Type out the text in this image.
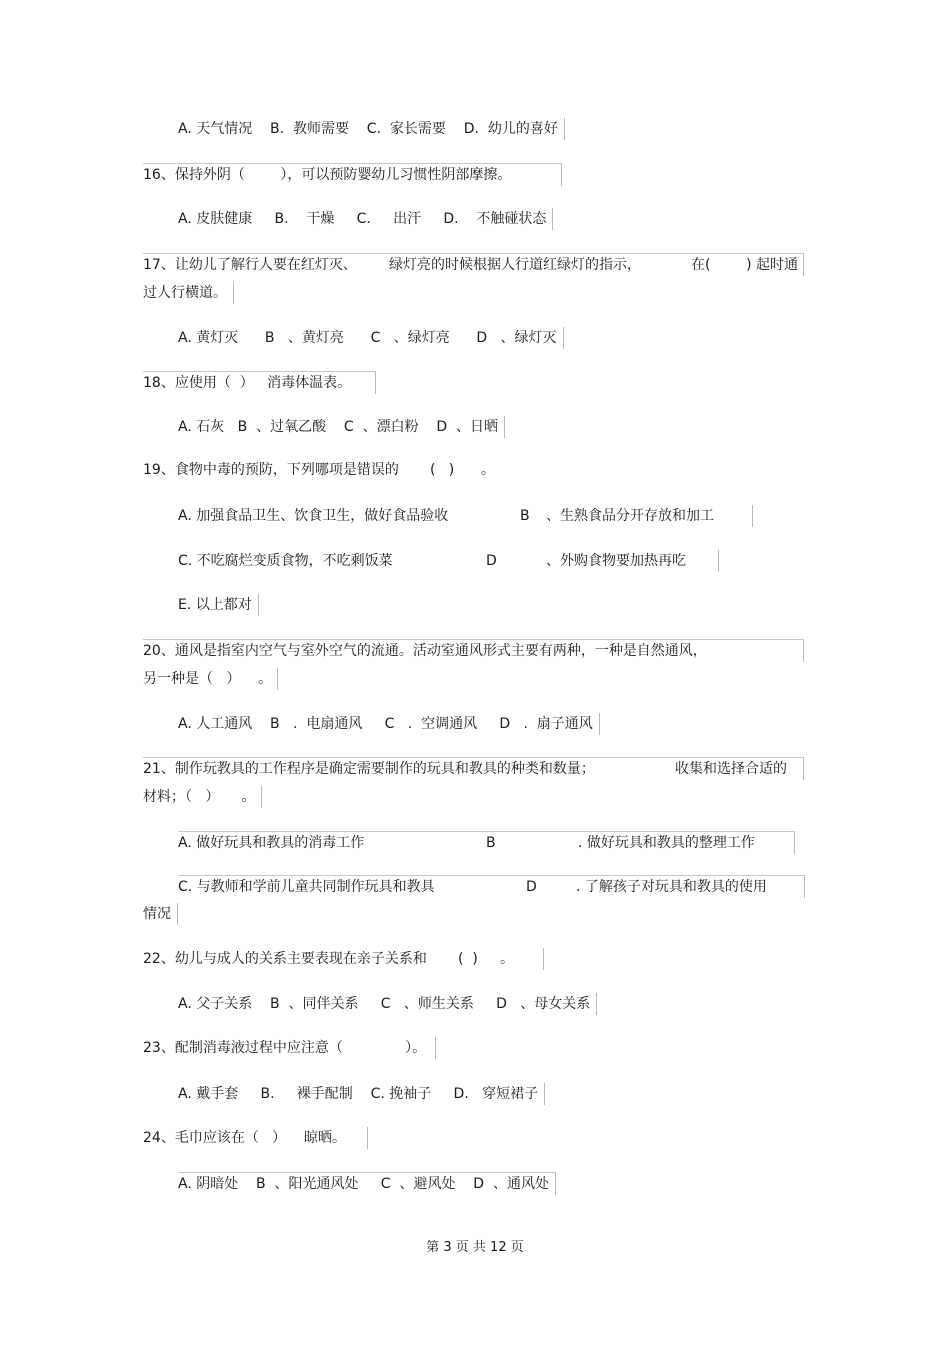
A. 天气情况    B.  教师需要    C.  家长需要    D.  幼儿的喜好
16、保持外阴（        ），可以预防婴幼儿习惯性阴部摩擦。
A. 皮肤健康     B.    干燥     C.     出汗     D.    不触碰状态
17、让幼儿了解行人要在红灯灭、 绿灯亮的时候根据人行道红绿灯的指示，	在(        ) 起时通
过人行横道。
A. 黄灯灭      B   、黄灯亮      C   、绿灯亮      D   、绿灯灭
18、应使用（  ）   消毒体温表。
A. 石灰   B  、过氧乙酸    C  、漂白粉    D  、日晒
19、食物中毒的预防，下列哪项是错误的       (   )      。
A. 加强食品卫生、饮食卫生，做好食品验收	B 、生熟食品分开存放和加工
C. 不吃腐烂变质食物，不吃剩饭菜	D	、外购食物要加热再吃
E. 以上都对
20、通风是指室内空气与室外空气的流通。活动室通风形式主要有两种，一种是自然通风，
另一种是（   ）    。
A. 人工通风    B   .  电扇通风     C   .  空调通风     D   .  扇子通风
21、制作玩教具的工作程序是确定需要制作的玩具和教具的种类和数量；	收集和选择合适的
材料；（   ）     。
A. 做好玩具和教具的消毒工作	B	. 做好玩具和教具的整理工作
C. 与教师和学前儿童共同制作玩具和教具	D	. 了解孩子对玩具和教具的使用
情况
22、幼儿与成人的关系主要表现在亲子关系和       (  )     。
A. 父子关系    B  、同伴关系     C   、师生关系     D   、母女关系
23、配制消毒液过程中应注意（              ）。
A. 戴手套     B.     裸手配制    C. 挽袖子     D.   穿短裙子
24、毛巾应该在（   ）    晾晒。
A. 阴暗处    B  、阳光通风处     C  、避风处    D  、通风处
第 3 页 共 12 页
